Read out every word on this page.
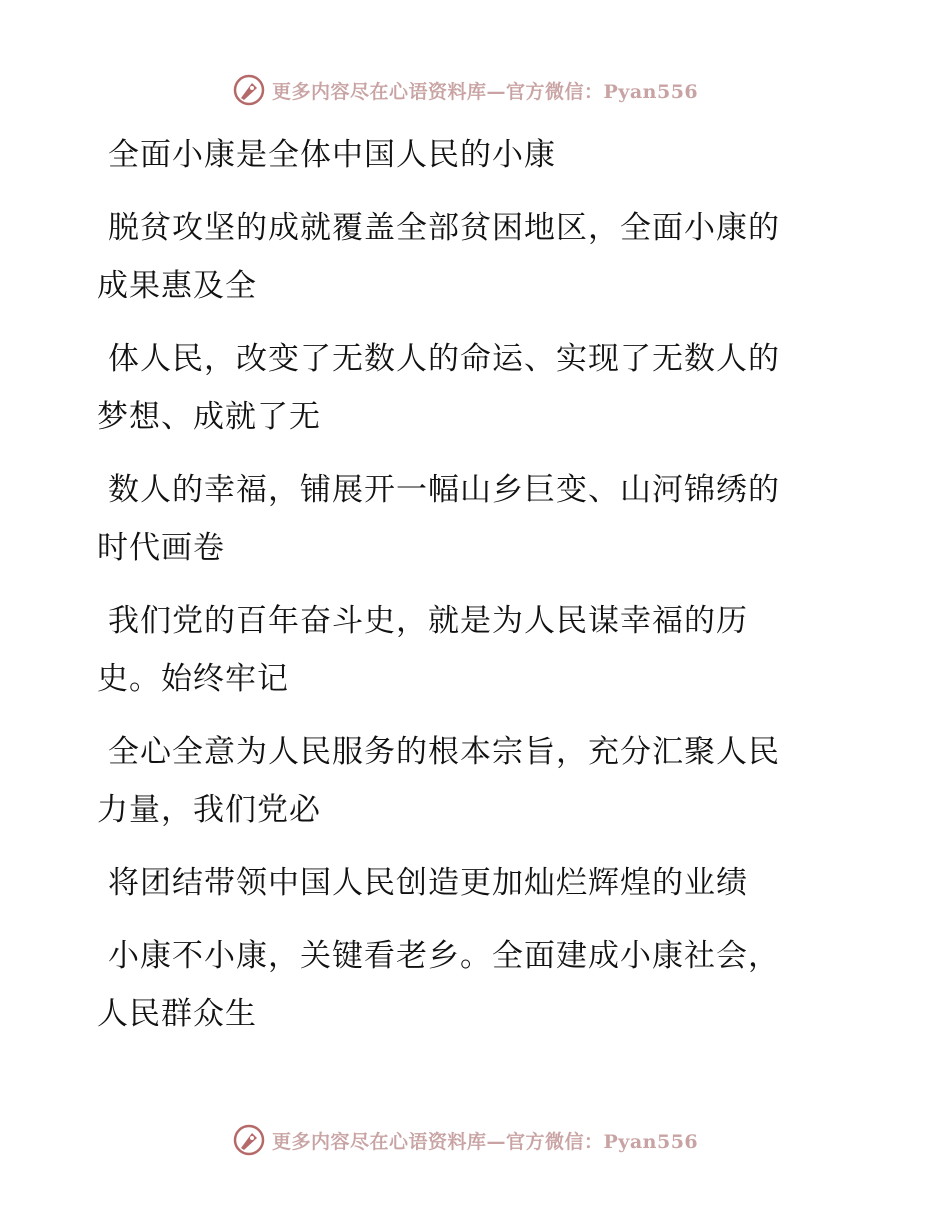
更多内容尽在心语资料库—官方微信：Pyan556
全面小康是全体中国人民的小康
脱贫攻坚的成就覆盖全部贫困地区，全面小康的
成果惠及全
体人民，改变了无数人的命运、实现了无数人的
梦想、成就了无
数人的幸福，铺展开一幅山乡巨变、山河锦绣的
时代画卷
我们党的百年奋斗史，就是为人民谋幸福的历
史。始终牢记
全心全意为人民服务的根本宗旨，充分汇聚人民
力量，我们党必
将团结带领中国人民创造更加灿烂辉煌的业绩
小康不小康，关键看老乡。全面建成小康社会，
人民群众生
更多内容尽在心语资料库—官方微信：Pyan556
